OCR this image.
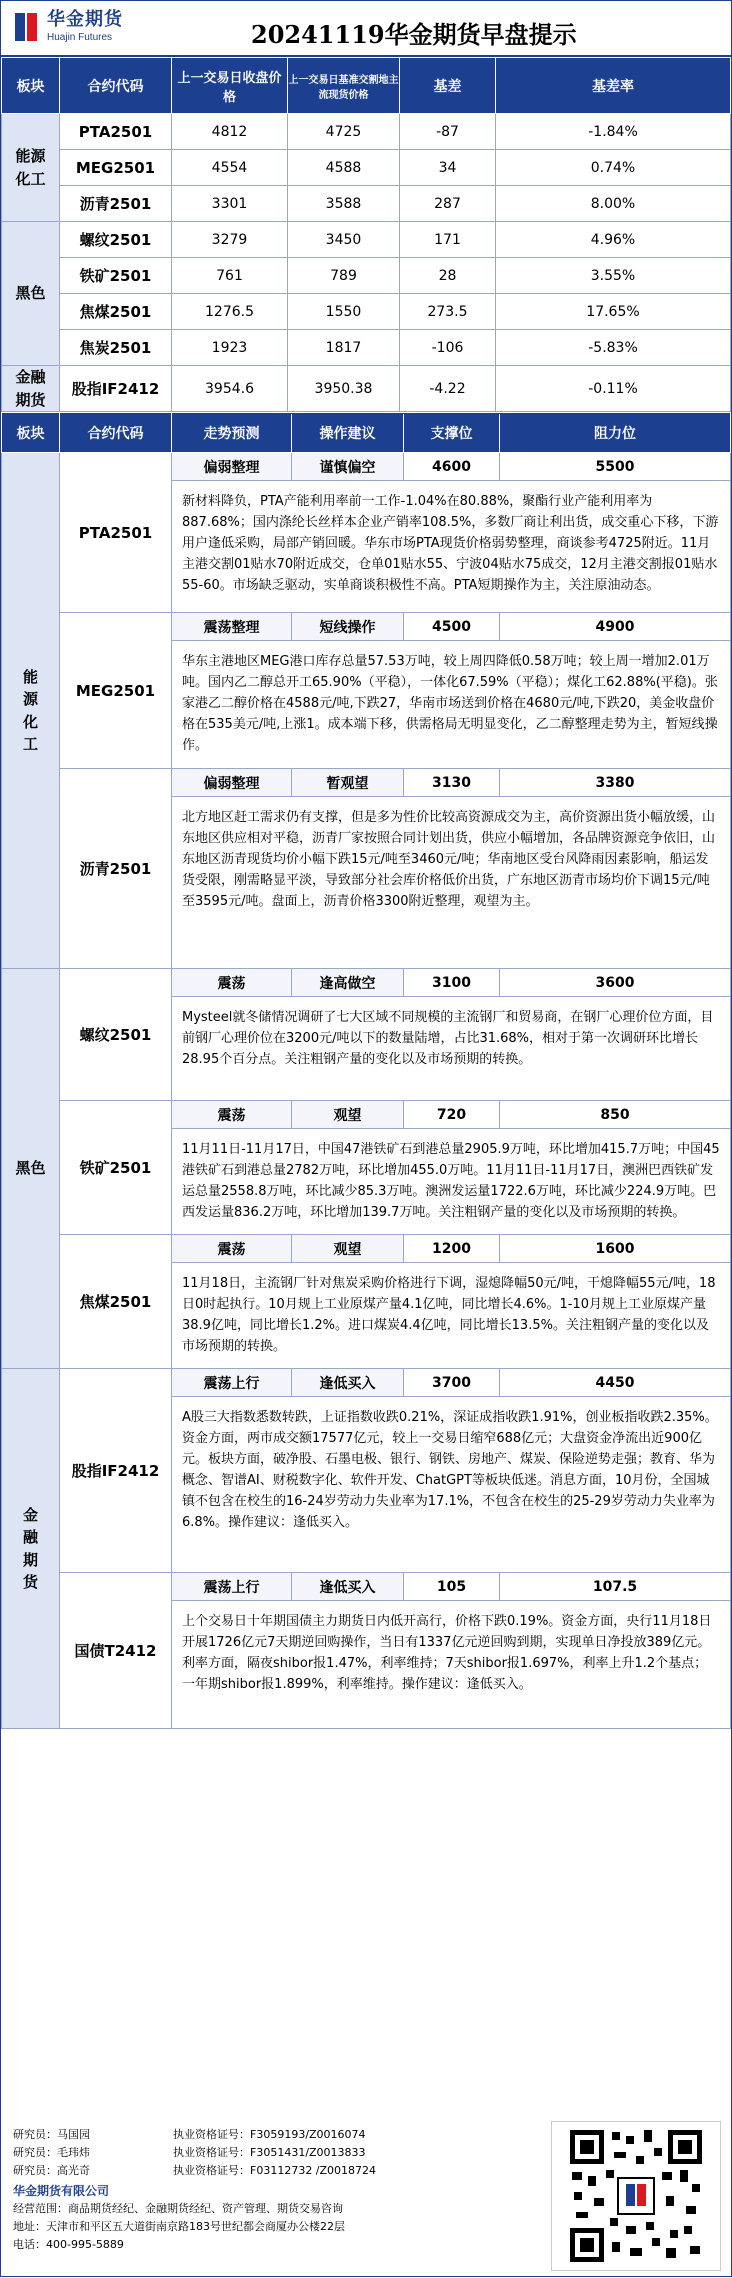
华金期货
Huajin Futures	20241119华金期货早盘提示
板块	合约代码	上一交易日收盘价格	上一交易日基准交割地主流现货价格	基差	基差率
能源化工	PTA2501	4812	4725	-87	-1.84%
	MEG2501	4554	4588	34	0.74%
	沥青2501	3301	3588	287	8.00%
黑色	螺纹2501	3279	3450	171	4.96%
	铁矿2501	761	789	28	3.55%
	焦煤2501	1276.5	1550	273.5	17.65%
	焦炭2501	1923	1817	-106	-5.83%
金融期货	股指IF2412	3954.6	3950.38	-4.22	-0.11%
板块	合约代码	走势预测 操作建议 支撑位 阻力位

能源化工	PTA2501	偏弱整理 谨慎偏空 4600 5500
新材料降负，PTA产能利用率前一工作-1.04%在80.88%，聚酯行业产能利用率为887.68%；国内涤纶长丝样本企业产销率108.5%，多数厂商让利出货，成交重心下移，下游用户逢低采购，局部产销回暖。华东市场PTA现货价格弱势整理，商谈参考4725附近。11月主港交割01贴水70附近成交，仓单01贴水55、宁波04贴水75成交，12月主港交割报01贴水55-60。市场缺乏驱动，实单商谈积极性不高。PTA短期操作为主，关注原油动态。

	MEG2501	震荡整理 短线操作 4500 4900
华东主港地区MEG港口库存总量57.53万吨，较上周四降低0.58万吨；较上周一增加2.01万吨。国内乙二醇总开工65.90%（平稳），一体化67.59%（平稳）；煤化工62.88%(平稳)。张家港乙二醇价格在4588元/吨,下跌27，华南市场送到价格在4680元/吨,下跌20，美金收盘价格在535美元/吨,上涨1。成本端下移，供需格局无明显变化，乙二醇整理走势为主，暂短线操作。

	沥青2501	偏弱整理 暂观望 3130 3380
北方地区赶工需求仍有支撑，但是多为性价比较高资源成交为主，高价资源出货小幅放缓，山东地区供应相对平稳，沥青厂家按照合同计划出货，供应小幅增加，各品牌资源竞争依旧，山东地区沥青现货均价小幅下跌15元/吨至3460元/吨；华南地区受台风降雨因素影响，船运发货受限，刚需略显平淡，导致部分社会库价格低价出货，广东地区沥青市场均价下调15元/吨至3595元/吨。盘面上，沥青价格3300附近整理，观望为主。

黑色	螺纹2501	震荡 逢高做空 3100 3600
Mysteel就冬储情况调研了七大区域不同规模的主流钢厂和贸易商，在钢厂心理价位方面，目前钢厂心理价位在3200元/吨以下的数量陆增，占比31.68%，相对于第一次调研环比增长28.95个百分点。关注粗钢产量的变化以及市场预期的转换。

	铁矿2501	震荡 观望 720 850
11月11日-11月17日，中国47港铁矿石到港总量2905.9万吨，环比增加415.7万吨；中国45港铁矿石到港总量2782万吨，环比增加455.0万吨。11月11日-11月17日，澳洲巴西铁矿发运总量2558.8万吨，环比减少85.3万吨。澳洲发运量1722.6万吨，环比减少224.9万吨。巴西发运量836.2万吨，环比增加139.7万吨。关注粗钢产量的变化以及市场预期的转换。

	焦煤2501	震荡 观望 1200 1600
11月18日，主流钢厂针对焦炭采购价格进行下调，湿熄降幅50元/吨，干熄降幅55元/吨，18日0时起执行。10月规上工业原煤产量4.1亿吨，同比增长4.6%。1-10月规上工业原煤产量38.9亿吨，同比增长1.2%。进口煤炭4.4亿吨，同比增长13.5%。关注粗钢产量的变化以及市场预期的转换。

金融期货	股指IF2412	震荡上行 逢低买入 3700 4450
A股三大指数悉数转跌，上证指数收跌0.21%，深证成指收跌1.91%，创业板指收跌2.35%。资金方面，两市成交额17577亿元，较上一交易日缩窄688亿元；大盘资金净流出近900亿元。板块方面，破净股、石墨电极、银行、钢铁、房地产、煤炭、保险逆势走强；教育、华为概念、智谱AI、财税数字化、软件开发、ChatGPT等板块低迷。消息方面，10月份，全国城镇不包含在校生的16-24岁劳动力失业率为17.1%，不包含在校生的25-29岁劳动力失业率为6.8%。操作建议：逢低买入。

	国债T2412	震荡上行 逢低买入 105 107.5
上个交易日十年期国债主力期货日内低开高行，价格下跌0.19%。资金方面，央行11月18日开展1726亿元7天期逆回购操作，当日有1337亿元逆回购到期，实现单日净投放389亿元。利率方面，隔夜shibor报1.47%，利率维持；7天shibor报1.697%，利率上升1.2个基点；一年期shibor报1.899%，利率维持。操作建议：逢低买入。
研究员：马国园	执业资格证号：F3059193/Z0016074
研究员：毛玮炜	执业资格证号：F3051431/Z0013833
研究员：高光奇	执业资格证号：F03112732 /Z0018724
华金期货有限公司
经营范围：商品期货经纪、金融期货经纪、资产管理、期货交易咨询
地址：天津市和平区五大道街南京路183号世纪都会商厦办公楼22层
电话：400-995-5889
